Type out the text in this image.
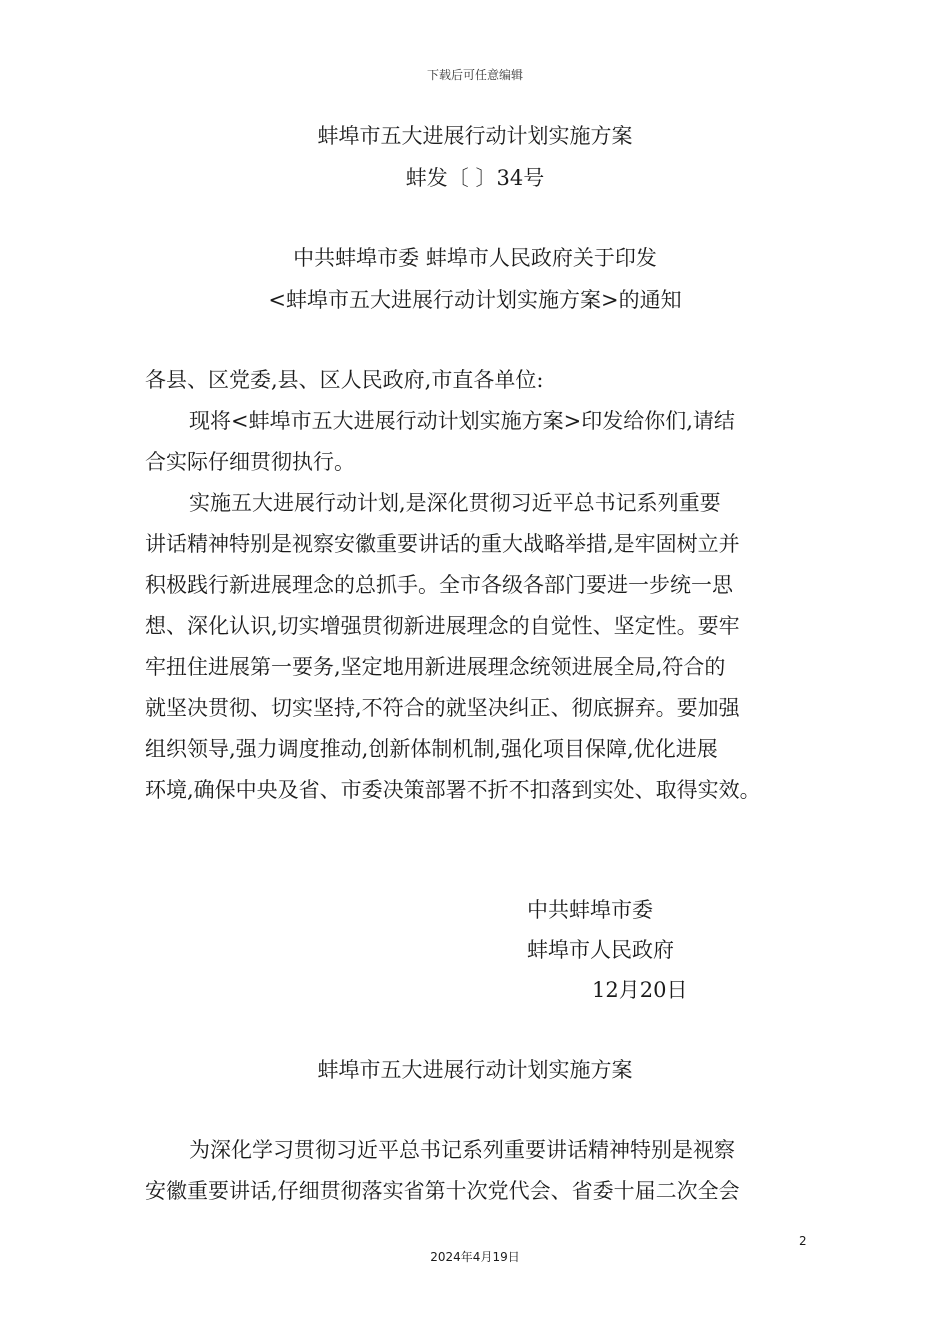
下载后可任意编辑
蚌埠市五大进展行动计划实施方案
蚌发〔 〕34号
中共蚌埠市委 蚌埠市人民政府关于印发
<蚌埠市五大进展行动计划实施方案>的通知
各县、区党委,县、区人民政府,市直各单位:
现将<蚌埠市五大进展行动计划实施方案>印发给你们,请结
合实际仔细贯彻执行。
实施五大进展行动计划,是深化贯彻习近平总书记系列重要
讲话精神特别是视察安徽重要讲话的重大战略举措,是牢固树立并
积极践行新进展理念的总抓手。全市各级各部门要进一步统一思
想、深化认识,切实增强贯彻新进展理念的自觉性、坚定性。要牢
牢扭住进展第一要务,坚定地用新进展理念统领进展全局,符合的
就坚决贯彻、切实坚持,不符合的就坚决纠正、彻底摒弃。要加强
组织领导,强力调度推动,创新体制机制,强化项目保障,优化进展
环境,确保中央及省、市委决策部署不折不扣落到实处、取得实效。
中共蚌埠市委
蚌埠市人民政府
12月20日
蚌埠市五大进展行动计划实施方案
为深化学习贯彻习近平总书记系列重要讲话精神特别是视察
安徽重要讲话,仔细贯彻落实省第十次党代会、省委十届二次全会
2
2024年4月19日
